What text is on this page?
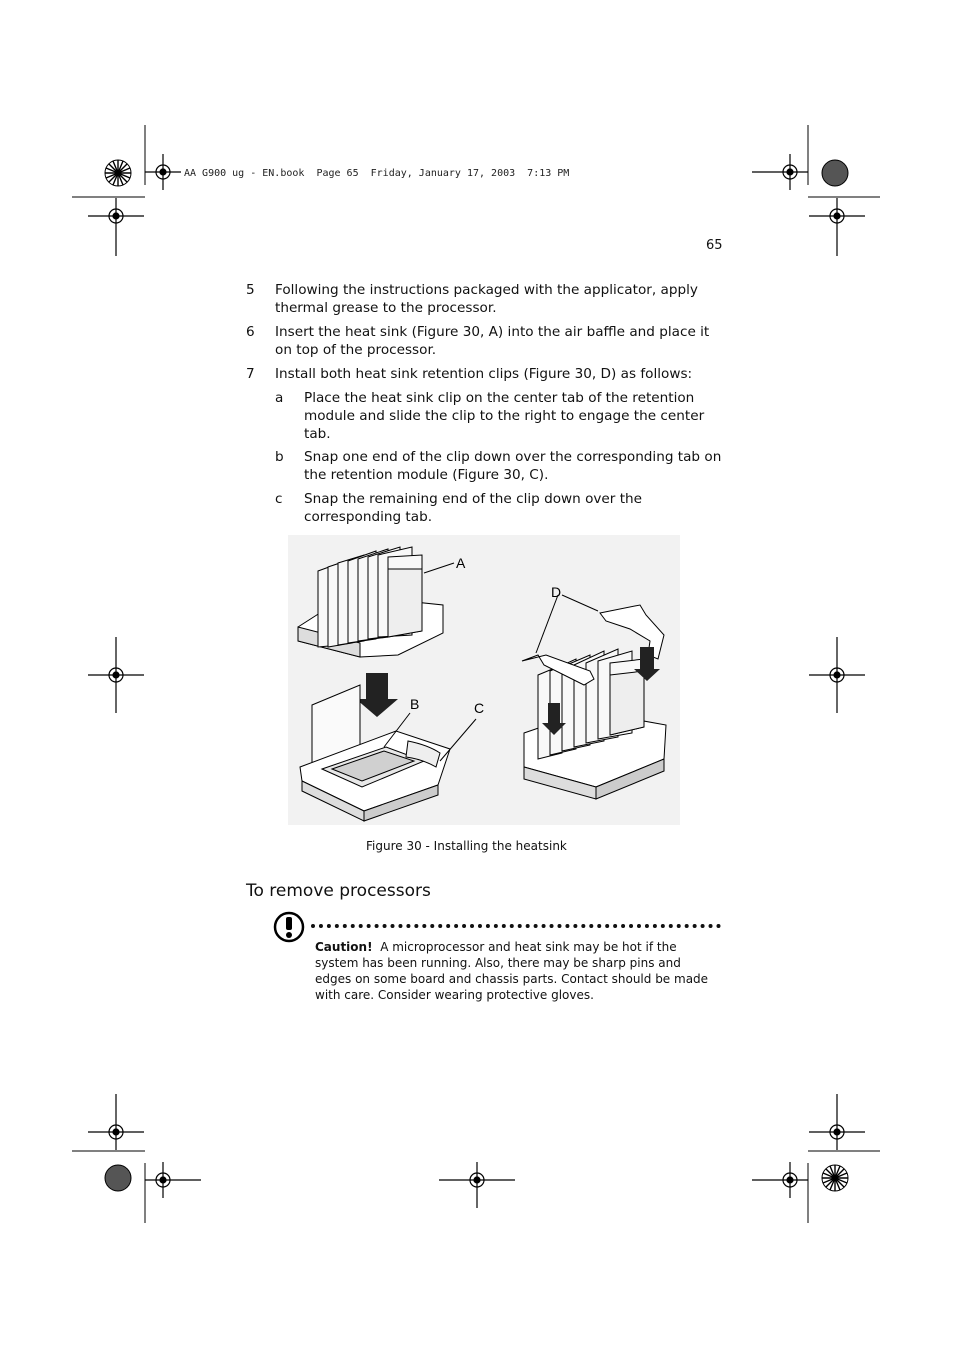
AA G900 ug - EN.book  Page 65  Friday, January 17, 2003  7:13 PM
65
5 Following the instructions packaged with the applicator, apply thermal grease to the processor.
6 Insert the heat sink (Figure 30, A) into the air baffle and place it on top of the processor.
7 Install both heat sink retention clips (Figure 30, D) as follows:
a Place the heat sink clip on the center tab of the retention module and slide the clip to the right to engage the center tab.
b Snap one end of the clip down over the corresponding tab on the retention module (Figure 30, C).
c Snap the remaining end of the clip down over the corresponding tab.
A
B	C
D
Figure 30 - Installing the heatsink
To remove processors
Caution! A microprocessor and heat sink may be hot if the system has been running. Also, there may be sharp pins and edges on some board and chassis parts. Contact should be made with care. Consider wearing protective gloves.
